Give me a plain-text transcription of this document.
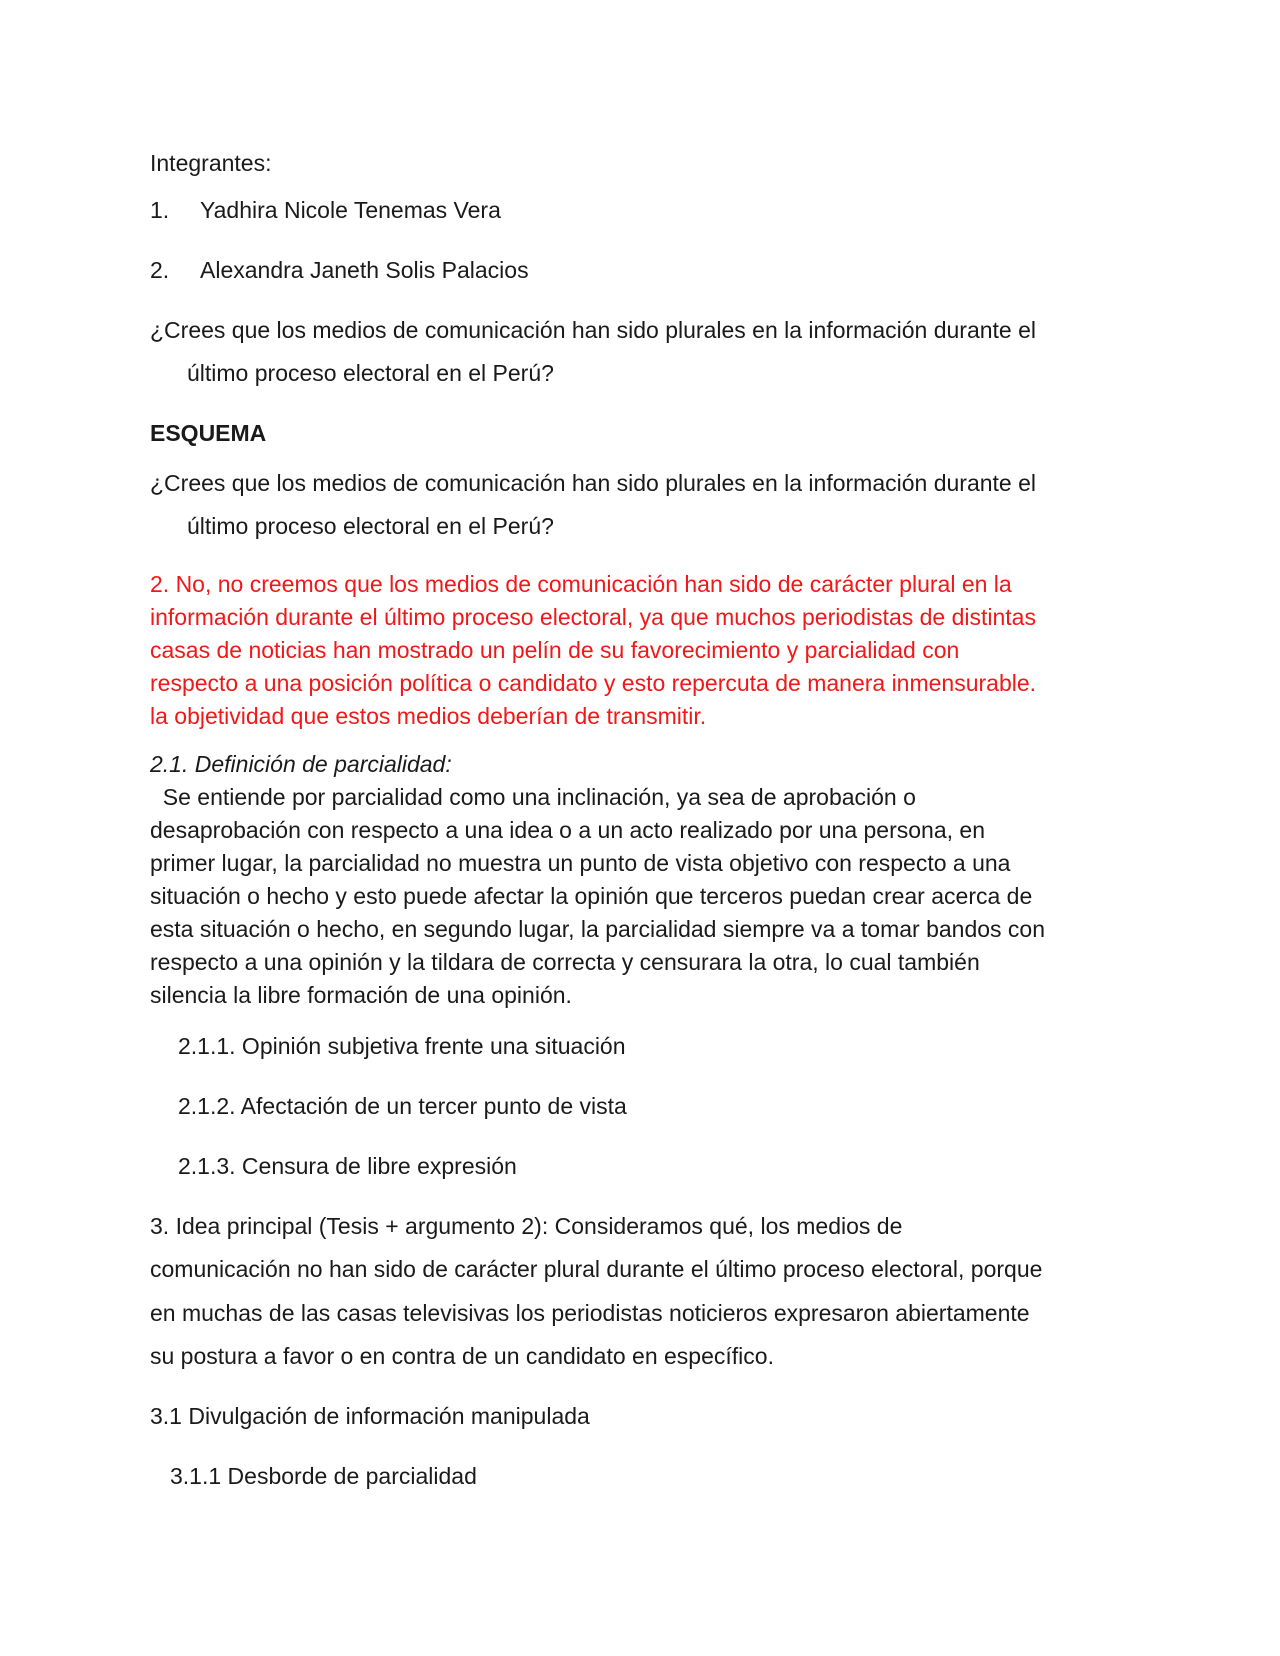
Integrantes:
1. Yadhira Nicole Tenemas Vera
2. Alexandra Janeth Solis Palacios
¿Crees que los medios de comunicación han sido plurales en la información durante el
último proceso electoral en el Perú?
ESQUEMA
¿Crees que los medios de comunicación han sido plurales en la información durante el
último proceso electoral en el Perú?
2. No, no creemos que los medios de comunicación han sido de carácter plural en la
información durante el último proceso electoral, ya que muchos periodistas de distintas
casas de noticias han mostrado un pelín de su favorecimiento y parcialidad con
respecto a una posición política o candidato y esto repercuta de manera inmensurable.
la objetividad que estos medios deberían de transmitir.
2.1. Definición de parcialidad:
Se entiende por parcialidad como una inclinación, ya sea de aprobación o
desaprobación con respecto a una idea o a un acto realizado por una persona, en
primer lugar, la parcialidad no muestra un punto de vista objetivo con respecto a una
situación o hecho y esto puede afectar la opinión que terceros puedan crear acerca de
esta situación o hecho, en segundo lugar, la parcialidad siempre va a tomar bandos con
respecto a una opinión y la tildara de correcta y censurara la otra, lo cual también
silencia la libre formación de una opinión.
2.1.1. Opinión subjetiva frente una situación
2.1.2. Afectación de un tercer punto de vista
2.1.3. Censura de libre expresión
3. Idea principal (Tesis + argumento 2): Consideramos qué, los medios de
comunicación no han sido de carácter plural durante el último proceso electoral, porque
en muchas de las casas televisivas los periodistas noticieros expresaron abiertamente
su postura a favor o en contra de un candidato en específico.
3.1 Divulgación de información manipulada
3.1.1 Desborde de parcialidad
